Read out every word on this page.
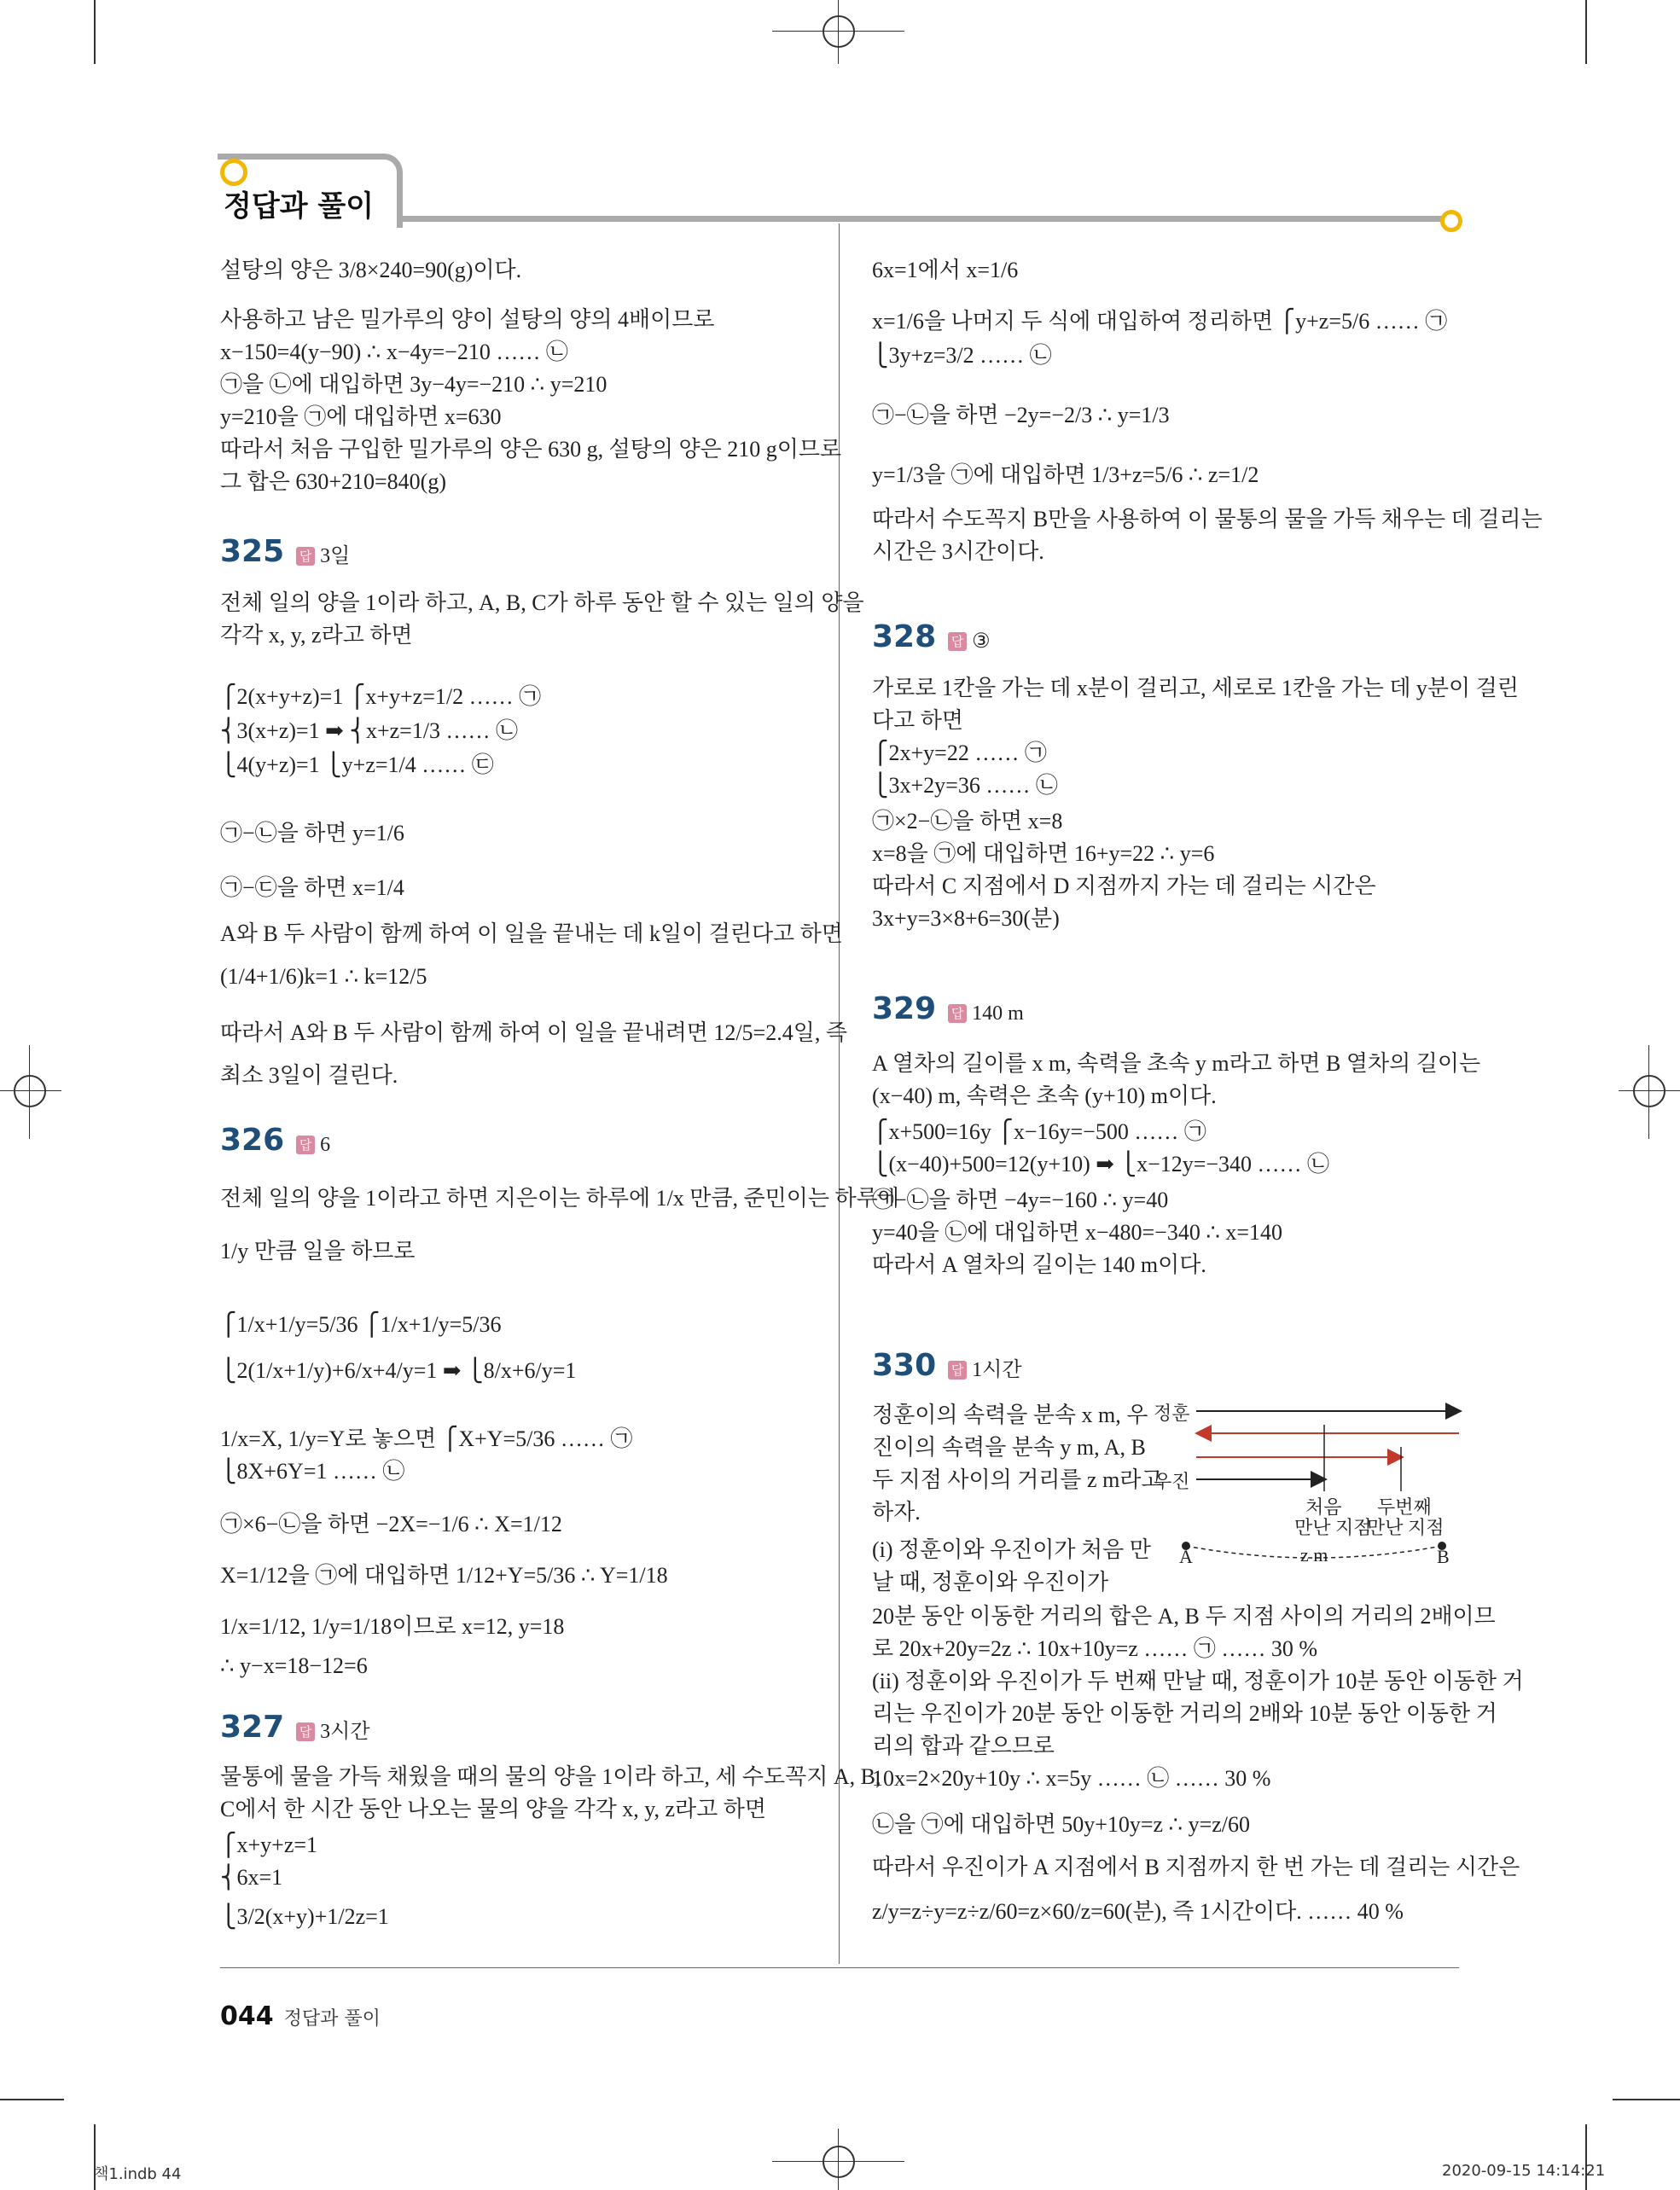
정답과 풀이
설탕의 양은 3/8×240=90(g)이다.
사용하고 남은 밀가루의 양이 설탕의 양의 4배이므로
x−150=4(y−90) ∴ x−4y=−210 …… ㉡
㉠을 ㉡에 대입하면 3y−4y=−210 ∴ y=210
y=210을 ㉠에 대입하면 x=630
따라서 처음 구입한 밀가루의 양은 630 g, 설탕의 양은 210 g이므로
그 합은 630+210=840(g)
325 답 3일
전체 일의 양을 1이라 하고, A, B, C가 하루 동안 할 수 있는 일의 양을
각각 x, y, z라고 하면
⎧2(x+y+z)=1 ⎧x+y+z=1/2 …… ㉠
⎨3(x+z)=1 ➡ ⎨x+z=1/3 …… ㉡
⎩4(y+z)=1 ⎩y+z=1/4 …… ㉢
㉠−㉡을 하면 y=1/6
㉠−㉢을 하면 x=1/4
A와 B 두 사람이 함께 하여 이 일을 끝내는 데 k일이 걸린다고 하면
(1/4+1/6)k=1 ∴ k=12/5
따라서 A와 B 두 사람이 함께 하여 이 일을 끝내려면 12/5=2.4일, 즉
최소 3일이 걸린다.
326 답 6
전체 일의 양을 1이라고 하면 지은이는 하루에 1/x 만큼, 준민이는 하루에
1/y 만큼 일을 하므로
⎧1/x+1/y=5/36 ⎧1/x+1/y=5/36
⎩2(1/x+1/y)+6/x+4/y=1 ➡ ⎩8/x+6/y=1
1/x=X, 1/y=Y로 놓으면 ⎧X+Y=5/36 …… ㉠
⎩8X+6Y=1 …… ㉡
㉠×6−㉡을 하면 −2X=−1/6 ∴ X=1/12
X=1/12을 ㉠에 대입하면 1/12+Y=5/36 ∴ Y=1/18
1/x=1/12, 1/y=1/18이므로 x=12, y=18
∴ y−x=18−12=6
327 답 3시간
물통에 물을 가득 채웠을 때의 물의 양을 1이라 하고, 세 수도꼭지 A, B,
C에서 한 시간 동안 나오는 물의 양을 각각 x, y, z라고 하면
⎧x+y+z=1
⎨6x=1
⎩3/2(x+y)+1/2z=1
6x=1에서 x=1/6
x=1/6을 나머지 두 식에 대입하여 정리하면 ⎧y+z=5/6 …… ㉠
⎩3y+z=3/2 …… ㉡
㉠−㉡을 하면 −2y=−2/3 ∴ y=1/3
y=1/3을 ㉠에 대입하면 1/3+z=5/6 ∴ z=1/2
따라서 수도꼭지 B만을 사용하여 이 물통의 물을 가득 채우는 데 걸리는
시간은 3시간이다.
328 답 ③
가로로 1칸을 가는 데 x분이 걸리고, 세로로 1칸을 가는 데 y분이 걸린
다고 하면
⎧2x+y=22 …… ㉠
⎩3x+2y=36 …… ㉡
㉠×2−㉡을 하면 x=8
x=8을 ㉠에 대입하면 16+y=22 ∴ y=6
따라서 C 지점에서 D 지점까지 가는 데 걸리는 시간은
3x+y=3×8+6=30(분)
329 답 140 m
A 열차의 길이를 x m, 속력을 초속 y m라고 하면 B 열차의 길이는
(x−40) m, 속력은 초속 (y+10) m이다.
⎧x+500=16y ⎧x−16y=−500 …… ㉠
⎩(x−40)+500=12(y+10) ➡ ⎩x−12y=−340 …… ㉡
㉠−㉡을 하면 −4y=−160 ∴ y=40
y=40을 ㉡에 대입하면 x−480=−340 ∴ x=140
따라서 A 열차의 길이는 140 m이다.
330 답 1시간
정훈이의 속력을 분속 x m, 우
진이의 속력을 분속 y m, A, B
두 지점 사이의 거리를 z m라고
하자.
정훈
우진
처음
만난 지점
두번째
만난 지점
A	B
z m
(i) 정훈이와 우진이가 처음 만
날 때, 정훈이와 우진이가
20분 동안 이동한 거리의 합은 A, B 두 지점 사이의 거리의 2배이므
로 20x+20y=2z ∴ 10x+10y=z …… ㉠ …… 30 %
(ii) 정훈이와 우진이가 두 번째 만날 때, 정훈이가 10분 동안 이동한 거
리는 우진이가 20분 동안 이동한 거리의 2배와 10분 동안 이동한 거
리의 합과 같으므로
10x=2×20y+10y ∴ x=5y …… ㉡ …… 30 %
㉡을 ㉠에 대입하면 50y+10y=z ∴ y=z/60
따라서 우진이가 A 지점에서 B 지점까지 한 번 가는 데 걸리는 시간은
z/y=z÷y=z÷z/60=z×60/z=60(분), 즉 1시간이다. …… 40 %
044 정답과 풀이
책1.indb 44	2020-09-15 14:14:21
